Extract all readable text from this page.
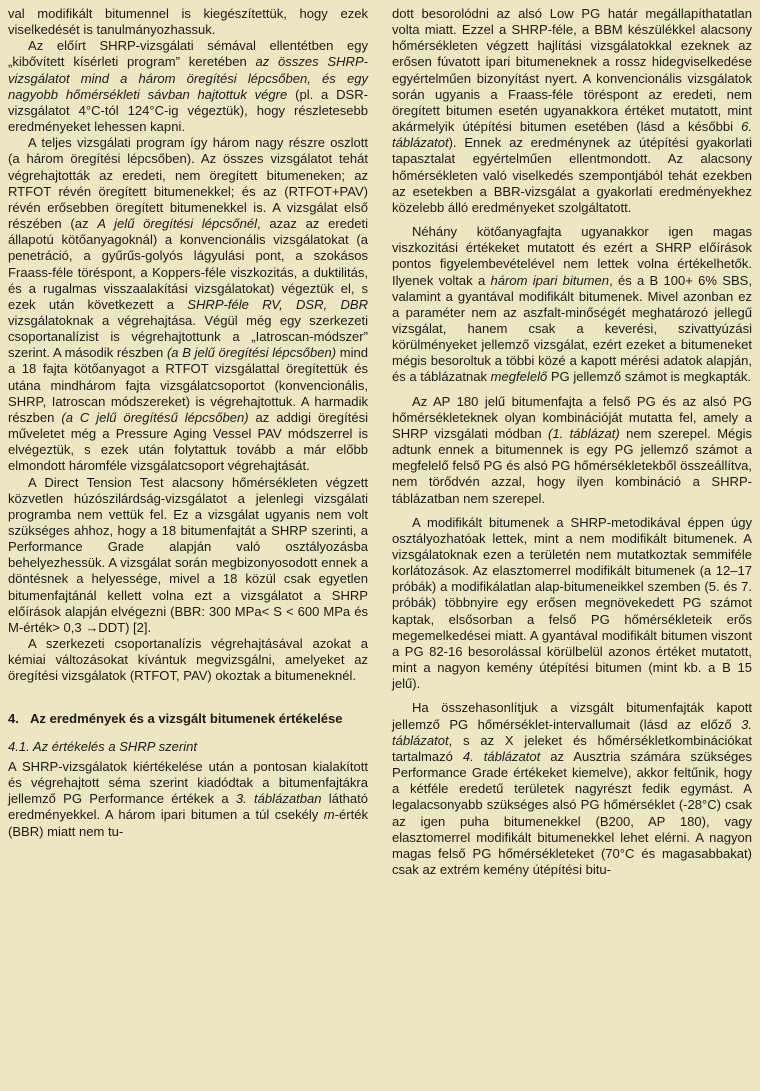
val modifikált bitumennel is kiegészítettük, hogy ezek viselkedését is tanulmányozhassuk.

Az előírt SHRP-vizsgálati sémával ellentétben egy „kibővített kísérleti program” keretében az összes SHRP-vizsgálatot mind a három öregítési lépcsőben, és egy nagyobb hőmérsékleti sávban hajtottuk végre (pl. a DSR-vizsgálatot 4°C-tól 124°C-ig végeztük), hogy részletesebb eredményeket lehessen kapni.

A teljes vizsgálati program így három nagy részre oszlott (a három öregítési lépcsőben). Az összes vizsgálatot tehát végrehajtották az eredeti, nem öregített bitumeneken; az RTFOT révén öregített bitumenekkel; és az (RTFOT+PAV) révén erősebben öregített bitumenekkel is. A vizsgálat első részében (az A jelű öregítési lépcsőnél, azaz az eredeti állapotú kötőanyagoknál) a konvencionális vizsgálatokat (a penetráció, a gyűrűs-golyós lágyulási pont, a szokásos Fraass-féle töréspont, a Koppers-féle viszkozitás, a duktilitás, és a rugalmas visszaalakítási vizsgálatokat) végeztük el, s ezek után következett a SHRP-féle RV, DSR, DBR vizsgálatoknak a végrehajtása. Végül még egy szerkezeti csoportanalízist is végrehajtottunk a „Iatroscan-módszer” szerint. A második részben (a B jelű öregítési lépcsőben) mind a 18 fajta kötőanyagot a RTFOT vizsgálattal öregítettük és utána mindhárom fajta vizsgálatcsoportot (konvencionális, SHRP, Iatroscan módszereket) is végrehajtottuk. A harmadik részben (a C jelű öregítésű lépcsőben) az addigi öregítési műveletet még a Pressure Aging Vessel PAV módszerrel is elvégeztük, s ezek után folytattuk tovább a már előbb elmondott háromféle vizsgálatcsoport végrehajtását.

A Direct Tension Test alacsony hőmérsékleten végzett közvetlen húzószilárdság-vizsgálatot a jelenlegi vizsgálati programba nem vettük fel. Ez a vizsgálat ugyanis nem volt szükséges ahhoz, hogy a 18 bitumenfajtát a SHRP szerinti, a Performance Grade alapján való osztályozásba behelyezhessük. A vizsgálat során megbizonyosodott ennek a döntésnek a helyessége, mivel a 18 közül csak egyetlen bitumenfajtánál kellett volna ezt a vizsgálatot a SHRP előírások alapján elvégezni (BBR: 300 MPa< S < 600 MPa és M-érték> 0,3 →DDT) [2].

A szerkezeti csoportanalízis végrehajtásával azokat a kémiai változásokat kívántuk megvizsgálni, amelyeket az öregítési vizsgálatok (RTFOT, PAV) okoztak a bitumeneknél.

4. Az eredmények és a vizsgált bitumenek értékelése
4.1. Az értékelés a SHRP szerint

A SHRP-vizsgálatok kiértékelése után a pontosan kialakított és végrehajtott séma szerint kiadódtak a bitumenfajtákra jellemző PG Performance értékek a 3. táblázatban látható eredményekkel. A három ipari bitumen a túl csekély m-érték (BBR) miatt nem tu-

dott besorolódni az alsó Low PG határ megállapíthatatlan volta miatt. Ezzel a SHRP-féle, a BBM készülékkel alacsony hőmérsékleten végzett hajlítási vizsgálatokkal ezeknek az erősen fúvatott ipari bitumeneknek a rossz hidegviselkedése egyértelműen bizonyítást nyert. A konvencionális vizsgálatok során ugyanis a Fraass-féle töréspont az eredeti, nem öregített bitumen esetén ugyanakkora értéket mutatott, mint akármelyik útépítési bitumen esetében (lásd a későbbi 6. táblázatot). Ennek az eredménynek az útépítési gyakorlati tapasztalat egyértelműen ellentmondott. Az alacsony hőmérsékleten való viselkedés szempontjából tehát ezekben az esetekben a BBR-vizsgálat a gyakorlati eredményekhez közelebb álló eredményeket szolgáltatott.

Néhány kötőanyagfajta ugyanakkor igen magas viszkozitási értékeket mutatott és ezért a SHRP előírások pontos figyelembevételével nem lettek volna értékelhetők. Ilyenek voltak a három ipari bitumen, és a B 100+ 6% SBS, valamint a gyantával modifikált bitumenek. Mivel azonban ez a paraméter nem az aszfalt-minőségét meghatározó jellegű vizsgálat, hanem csak a keverési, szivattyúzási körülményeket jellemző vizsgálat, ezért ezeket a bitumeneket mégis besoroltuk a többi közé a kapott mérési adatok alapján, és a táblázatnak megfelelő PG jellemző számot is megkapták.

Az AP 180 jelű bitumenfajta a felső PG és az alsó PG hőmérsékleteknek olyan kombinációját mutatta fel, amely a SHRP vizsgálati módban (1. táblázat) nem szerepel. Mégis adtunk ennek a bitumennek is egy PG jellemző számot a megfelelő felső PG és alsó PG hőmérsékletekből összeállítva, nem törődvén azzal, hogy ilyen kombináció a SHRP-táblázatban nem szerepel.

A modifikált bitumenek a SHRP-metodikával éppen úgy osztályozhatóak lettek, mint a nem modifikált bitumenek. A vizsgálatoknak ezen a területén nem mutatkoztak semmiféle korlátozások. Az elasztomerrel modifikált bitumenek (a 12–17 próbák) a modifikálatlan alap-bitumeneikkel szemben (5. és 7. próbák) többnyire egy erősen megnövekedett PG számot kaptak, elsősorban a felső PG hőmérsékleteik erős megemelkedései miatt. A gyantával modifikált bitumen viszont a PG 82-16 besorolással körülbelül azonos értéket mutatott, mint a nagyon kemény útépítési bitumen (mint kb. a B 15 jelű).

Ha összehasonlítjuk a vizsgált bitumenfajták kapott jellemző PG hőmérséklet-intervallumait (lásd az előző 3. táblázatot, s az X jeleket és hőmérsékletkombinációkat tartalmazó 4. táblázatot az Ausztria számára szükséges Performance Grade értékeket kiemelve), akkor feltűnik, hogy a kétféle eredetű területek nagyrészt fedik egymást. A legalacsonyabb szükséges alsó PG hőmérséklet (-28°C) csak az igen puha bitumenekkel (B200, AP 180), vagy elasztomerrel modifikált bitumenekkel lehet elérni. A nagyon magas felső PG hőmérsékleteket (70°C és magasabbakat) csak az extrém kemény útépítési bitu-
